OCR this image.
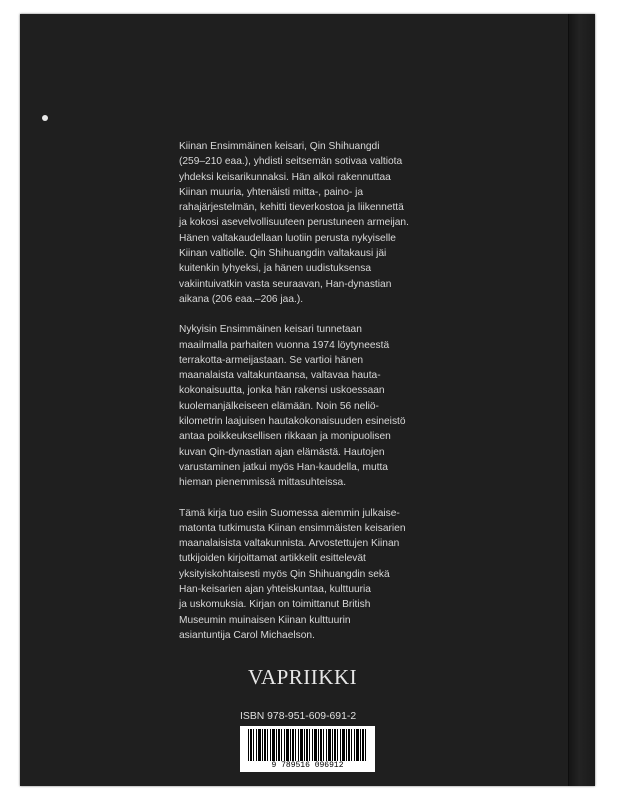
Kiinan Ensimmäinen keisari, Qin Shihuangdi
(259–210 eaa.), yhdisti seitsemän sotivaa valtiota
yhdeksi keisarikunnaksi. Hän alkoi rakennuttaa
Kiinan muuria, yhtenäisti mitta-, paino- ja
rahajärjestelmän, kehitti tieverkostoa ja liikennettä
ja kokosi asevelvollisuuteen perustuneen armeijan.
Hänen valtakaudellaan luotiin perusta nykyiselle
Kiinan valtiolle. Qin Shihuangdin valtakausi jäi
kuitenkin lyhyeksi, ja hänen uudistuksensa
vakiintuivatkin vasta seuraavan, Han-dynastian
aikana (206 eaa.–206 jaa.).

Nykyisin Ensimmäinen keisari tunnetaan
maailmalla parhaiten vuonna 1974 löytyneestä
terrakotta-armeijastaan. Se vartioi hänen
maanalaista valtakuntaansa, valtavaa hauta-
kokonaisuutta, jonka hän rakensi uskoessaan
kuolemanjälkeiseen elämään. Noin 56 neliö-
kilometrin laajuisen hautakokonaisuuden esineistö
antaa poikkeuksellisen rikkaan ja monipuolisen
kuvan Qin-dynastian ajan elämästä. Hautojen
varustaminen jatkui myös Han-kaudella, mutta
hieman pienemmissä mittasuhteissa.

Tämä kirja tuo esiin Suomessa aiemmin julkaise-
matonta tutkimusta Kiinan ensimmäisten keisarien
maanalaisista valtakunnista. Arvostettujen Kiinan
tutkijoiden kirjoittamat artikkelit esittelevät
yksityiskohtaisesti myös Qin Shihuangdin sekä
Han-keisarien ajan yhteiskuntaa, kulttuuria
ja uskomuksia. Kirjan on toimittanut British
Museumin muinaisen Kiinan kulttuurin
asiantuntija Carol Michaelson.

VAPRIIKKI
ISBN 978-951-609-691-2
9 789516 096912
